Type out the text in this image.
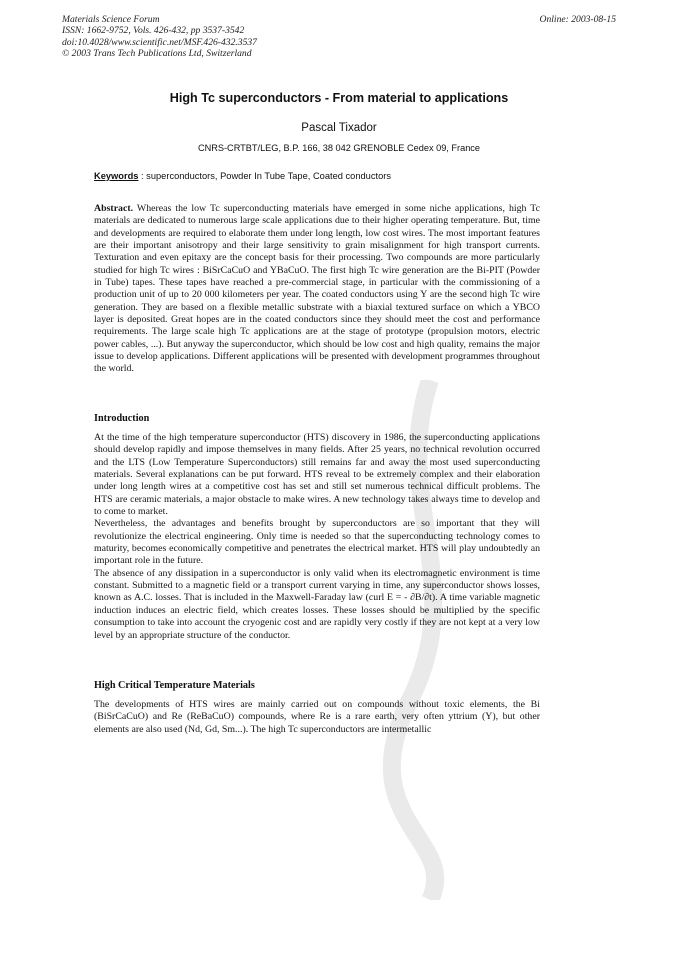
Materials Science Forum
ISSN: 1662-9752, Vols. 426-432, pp 3537-3542
doi:10.4028/www.scientific.net/MSF.426-432.3537
© 2003 Trans Tech Publications Ltd, Switzerland
Online: 2003-08-15
High Tc superconductors - From material to applications
Pascal Tixador
CNRS-CRTBT/LEG, B.P. 166, 38 042 GRENOBLE Cedex 09, France
Keywords : superconductors, Powder In Tube Tape, Coated conductors

Abstract. Whereas the low Tc superconducting materials have emerged in some niche applications, high Tc materials are dedicated to numerous large scale applications due to their higher operating temperature. But, time and developments are required to elaborate them under long length, low cost wires. The most important features are their important anisotropy and their large sensitivity to grain misalignment for high transport currents. Texturation and even epitaxy are the concept basis for their processing. Two compounds are more particularly studied for high Tc wires : BiSrCaCuO and YBaCuO. The first high Tc wire generation are the Bi-PIT (Powder in Tube) tapes. These tapes have reached a pre-commercial stage, in particular with the commissioning of a production unit of up to 20 000 kilometers per year. The coated conductors using Y are the second high Tc wire generation. They are based on a flexible metallic substrate with a biaxial textured surface on which a YBCO layer is deposited. Great hopes are in the coated conductors since they should meet the cost and performance requirements. The large scale high Tc applications are at the stage of prototype (propulsion motors, electric power cables, ...). But anyway the superconductor, which should be low cost and high quality, remains the major issue to develop applications. Different applications will be presented with development programmes throughout the world.

Introduction

At the time of the high temperature superconductor (HTS) discovery in 1986, the superconducting applications should develop rapidly and impose themselves in many fields. After 25 years, no technical revolution occurred and the LTS (Low Temperature Superconductors) still remains far and away the most used superconducting materials. Several explanations can be put forward. HTS reveal to be extremely complex and their elaboration under long length wires at a competitive cost has set and still set numerous technical difficult problems. The HTS are ceramic materials, a major obstacle to make wires. A new technology takes always time to develop and to come to market.

Nevertheless, the advantages and benefits brought by superconductors are so important that they will revolutionize the electrical engineering. Only time is needed so that the superconducting technology comes to maturity, becomes economically competitive and penetrates the electrical market. HTS will play undoubtedly an important role in the future.

The absence of any dissipation in a superconductor is only valid when its electromagnetic environment is time constant. Submitted to a magnetic field or a transport current varying in time, any superconductor shows losses, known as A.C. losses. That is included in the Maxwell-Faraday law (curl E = - ∂B/∂t). A time variable magnetic induction induces an electric field, which creates losses. These losses should be multiplied by the specific consumption to take into account the cryogenic cost and are rapidly very costly if they are not kept at a very low level by an appropriate structure of the conductor.

High Critical Temperature Materials

The developments of HTS wires are mainly carried out on compounds without toxic elements, the Bi (BiSrCaCuO) and Re (ReBaCuO) compounds, where Re is a rare earth, very often yttrium (Y), but other elements are also used (Nd, Gd, Sm...). The high Tc superconductors are intermetallic
